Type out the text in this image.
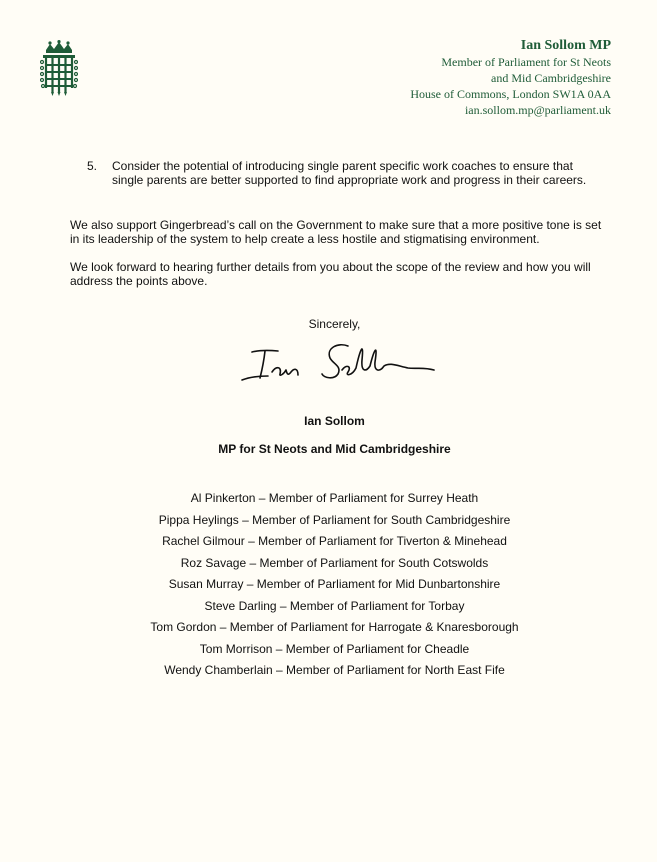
Ian Sollom MP
Member of Parliament for St Neots
and Mid Cambridgeshire
House of Commons, London SW1A 0AA
ian.sollom.mp@parliament.uk
5. Consider the potential of introducing single parent specific work coaches to ensure that single parents are better supported to find appropriate work and progress in their careers.
We also support Gingerbread’s call on the Government to make sure that a more positive tone is set in its leadership of the system to help create a less hostile and stigmatising environment.
We look forward to hearing further details from you about the scope of the review and how you will address the points above.
Sincerely,
Ian Sollom
MP for St Neots and Mid Cambridgeshire
Al Pinkerton – Member of Parliament for Surrey Heath
Pippa Heylings – Member of Parliament for South Cambridgeshire
Rachel Gilmour – Member of Parliament for Tiverton & Minehead
Roz Savage – Member of Parliament for South Cotswolds
Susan Murray – Member of Parliament for Mid Dunbartonshire
Steve Darling – Member of Parliament for Torbay
Tom Gordon – Member of Parliament for Harrogate & Knaresborough
Tom Morrison – Member of Parliament for Cheadle
Wendy Chamberlain – Member of Parliament for North East Fife
